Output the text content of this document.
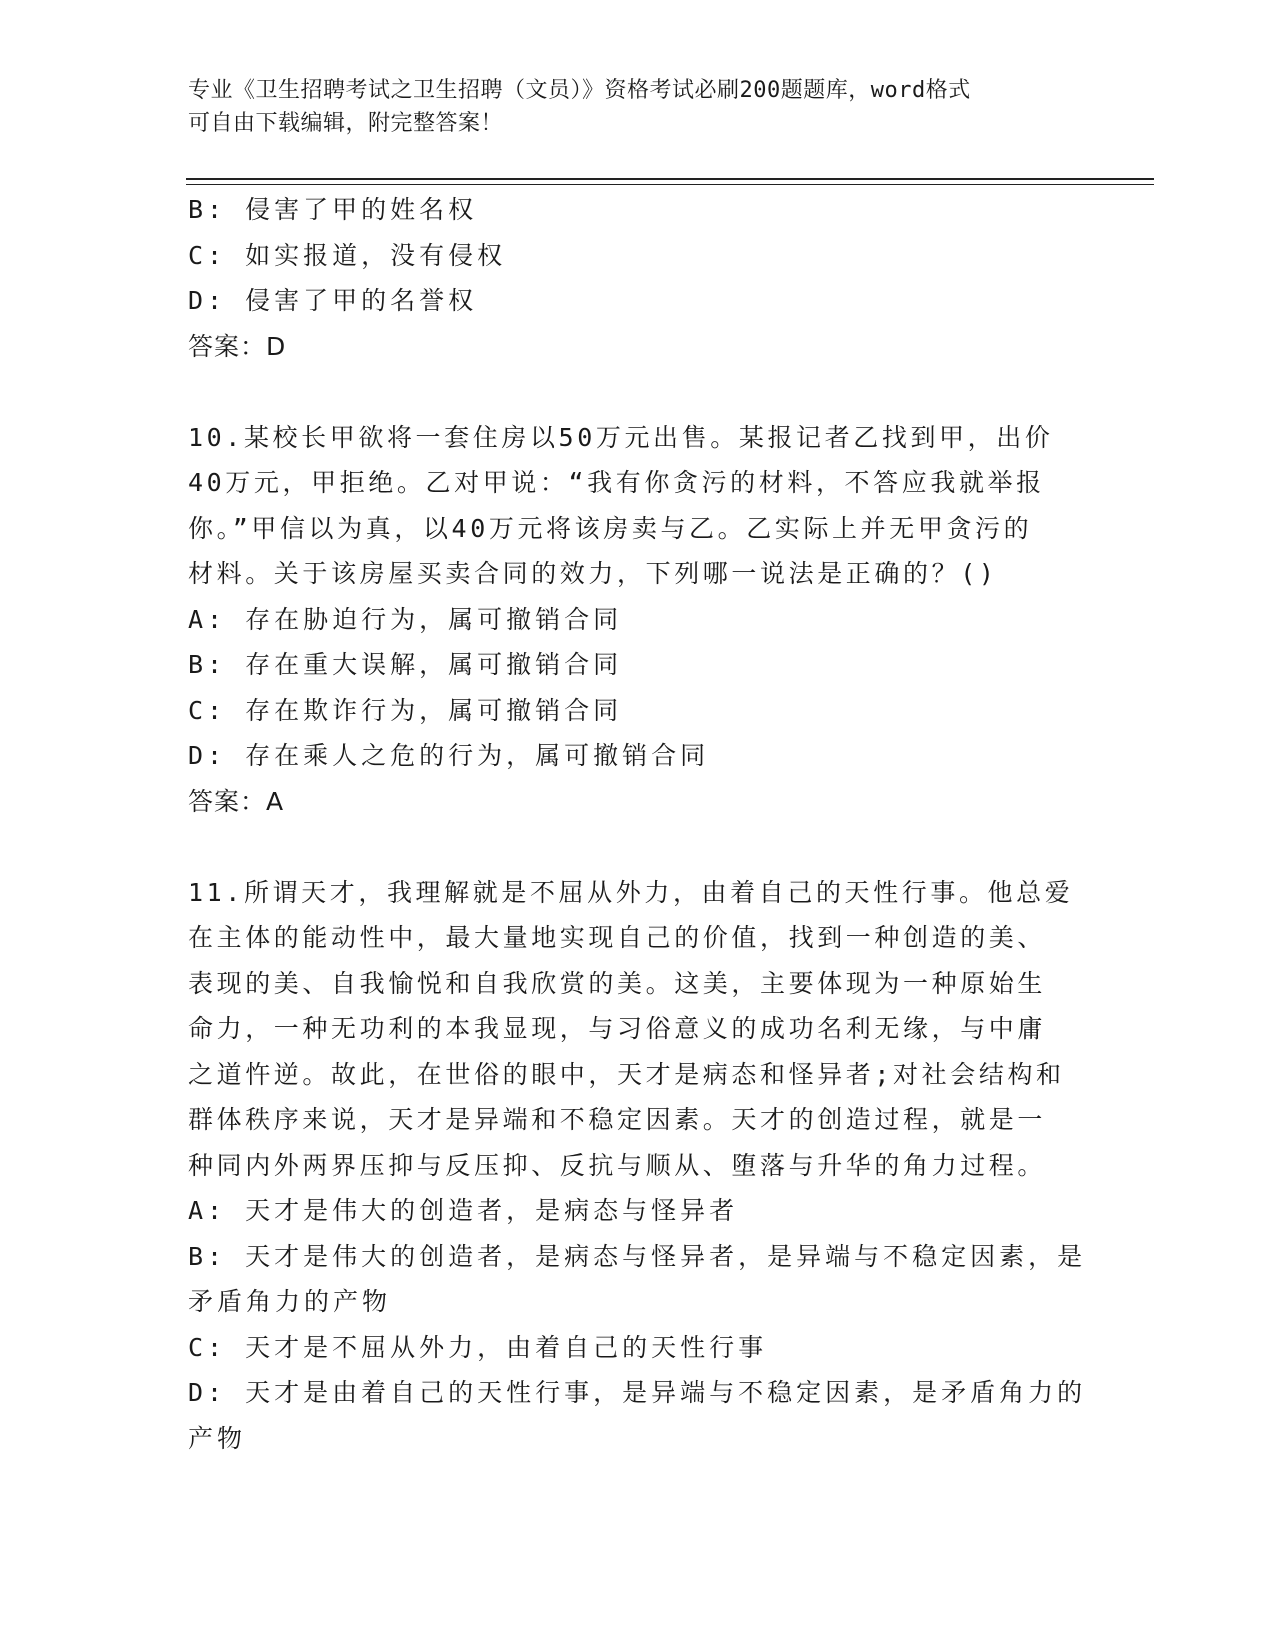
专业《卫生招聘考试之卫生招聘（文员）》资格考试必刷200题题库，word格式
可自由下载编辑，附完整答案！
B: 侵害了甲的姓名权
C: 如实报道，没有侵权
D: 侵害了甲的名誉权
答案：D
10.某校长甲欲将一套住房以50万元出售。某报记者乙找到甲，出价
40万元，甲拒绝。乙对甲说：“我有你贪污的材料，不答应我就举报
你。”甲信以为真，以40万元将该房卖与乙。乙实际上并无甲贪污的
材料。关于该房屋买卖合同的效力，下列哪一说法是正确的？()
A: 存在胁迫行为，属可撤销合同
B: 存在重大误解，属可撤销合同
C: 存在欺诈行为，属可撤销合同
D: 存在乘人之危的行为，属可撤销合同
答案：A
11.所谓天才，我理解就是不屈从外力，由着自己的天性行事。他总爱
在主体的能动性中，最大量地实现自己的价值，找到一种创造的美、
表现的美、自我愉悦和自我欣赏的美。这美，主要体现为一种原始生
命力，一种无功利的本我显现，与习俗意义的成功名利无缘，与中庸
之道忤逆。故此，在世俗的眼中，天才是病态和怪异者;对社会结构和
群体秩序来说，天才是异端和不稳定因素。天才的创造过程，就是一
种同内外两界压抑与反压抑、反抗与顺从、堕落与升华的角力过程。
A: 天才是伟大的创造者，是病态与怪异者
B: 天才是伟大的创造者，是病态与怪异者，是异端与不稳定因素，是
矛盾角力的产物
C: 天才是不屈从外力，由着自己的天性行事
D: 天才是由着自己的天性行事，是异端与不稳定因素，是矛盾角力的
产物
